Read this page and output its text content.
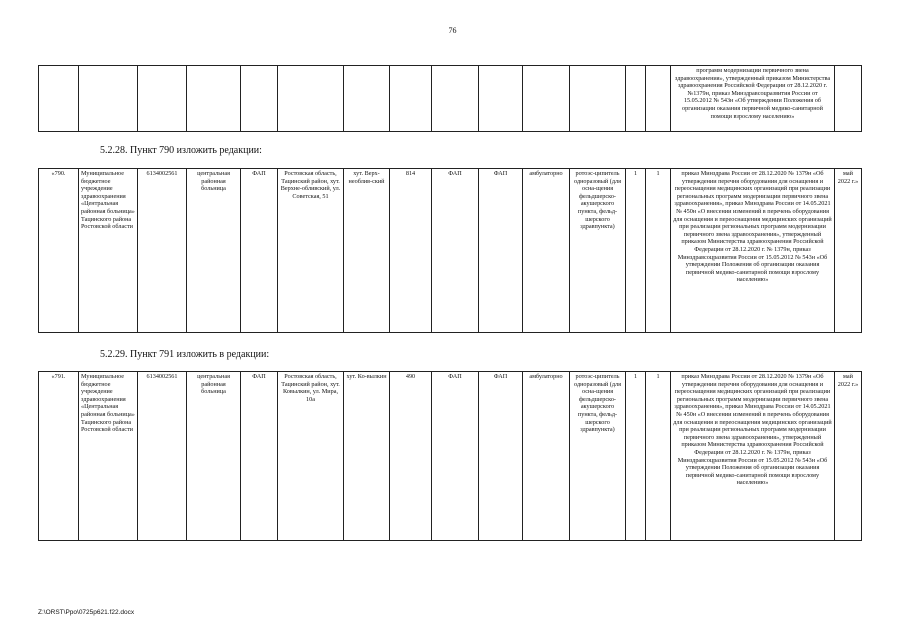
76
														программ модернизации первичного звена здравоохранения», утвержденный приказом Министерства здравоохранения Российской Федерации от 28.12.2020 г. №1379н, приказ Минздравсоцразвития России от 15.05.2012 № 543н «Об утверждении Положения об организации оказания первичной медико-санитарной помощи взрослому населению»	
5.2.28. Пункт 790 изложить редакции:
«790.	Муниципальное бюджетное учреждение здравоохранения «Центральная районная больница» Тацинского района Ростовской области	6134002561	центральная районная больница	ФАП	Ростовская область, Тацинский район, хут. Верхне-обливский, ул. Советская, 51	хут. Верх-необлив-ский	814	ФАП	ФАП	амбулаторно	ротоэс-ципитель одноразовый (для осна-щения фельдшерско-акушерского пункта, фельд-шерского здравпункта)	1	1	приказ Минздрава России от 28.12.2020 № 1379н «Об утверждении перечня оборудования для оснащения и переоснащения медицинских организаций при реализации региональных программ модернизации первичного звена здравоохранения», приказ Минздрава России от 14.05.2021 № 450н «О внесении изменений в перечень оборудования для оснащения и переоснащения медицинских организаций при реализации региональных программ модернизации первичного звена здравоохранения», утвержденный приказом Министерства здравоохранения Российской Федерации от 28.12.2020 г. № 1379н, приказ Минздравсоцразвития России от 15.05.2012 № 543н «Об утверждении Положения об организации оказания первичной медико-санитарной помощи взрослому населению»	май 2022 г.»
5.2.29. Пункт 791 изложить в редакции:
«791.	Муниципальное бюджетное учреждение здравоохранения «Центральная районная больница» Тацинского района Ростовской области	6134002561	центральная районная больница	ФАП	Ростовская область, Тацинский район, хут. Ковылкин, ул. Мира, 10а	хут. Ко-вылкин	490	ФАП	ФАП	амбулаторно	ротоэс-ципитель одноразовый (для осна-щения фельдшерско-акушерского пункта, фельд-шерского здравпункта)	1	1	приказ Минздрава России от 28.12.2020 № 1379н «Об утверждении перечня оборудования для оснащения и переоснащения медицинских организаций при реализации региональных программ модернизации первичного звена здравоохранения», приказ Минздрава России от 14.05.2021 № 450н «О внесении изменений в перечень оборудования для оснащения и переоснащения медицинских организаций при реализации региональных программ модернизации первичного звена здравоохранения», утвержденный приказом Министерства здравоохранения Российской Федерации от 28.12.2020 г. № 1379н, приказ Минздравсоцразвития России от 15.05.2012 № 543н «Об утверждении Положения об организации оказания первичной медико-санитарной помощи взрослому населению»	май 2022 г.»
Z:\ORST\Ppo\0725p621.f22.docx
